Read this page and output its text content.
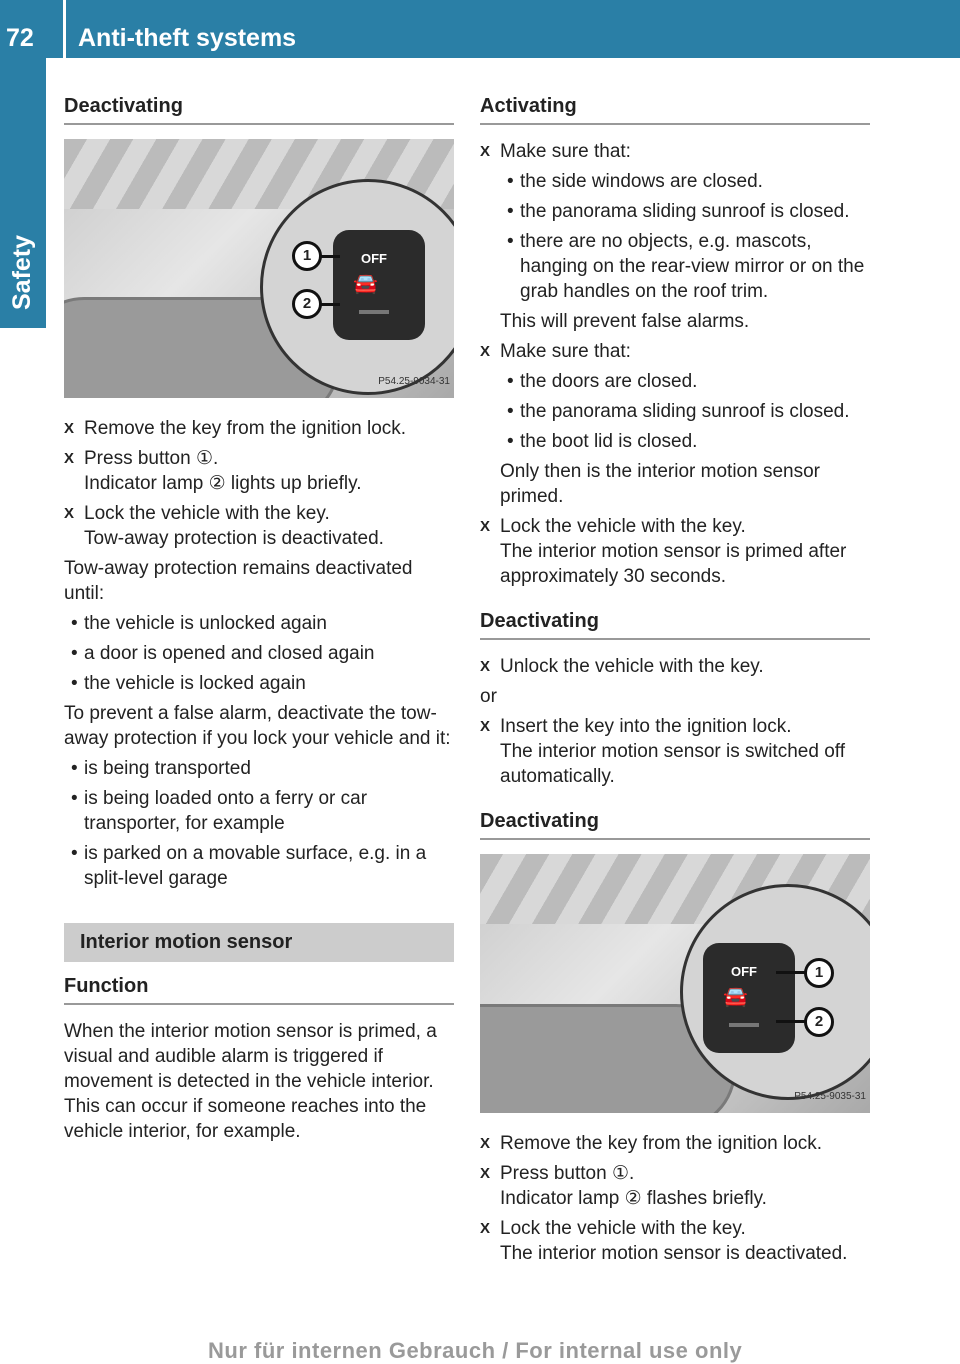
72 Anti-theft systems
Safety
Deactivating
OFF
🚘
1
2
P54.25-9034-31
X Remove the key from the ignition lock.
X Press button ①.
Indicator lamp ② lights up briefly.
X Lock the vehicle with the key.
Tow-away protection is deactivated.
Tow-away protection remains deactivated until:
• the vehicle is unlocked again
• a door is opened and closed again
• the vehicle is locked again
To prevent a false alarm, deactivate the tow-away protection if you lock your vehicle and it:
• is being transported
• is being loaded onto a ferry or car transporter, for example
• is parked on a movable surface, e.g. in a split-level garage
Interior motion sensor
Function
When the interior motion sensor is primed, a visual and audible alarm is triggered if movement is detected in the vehicle interior. This can occur if someone reaches into the vehicle interior, for example.
Activating
X Make sure that:
• the side windows are closed.
• the panorama sliding sunroof is closed.
• there are no objects, e.g. mascots, hanging on the rear-view mirror or on the grab handles on the roof trim.
This will prevent false alarms.
X Make sure that:
• the doors are closed.
• the panorama sliding sunroof is closed.
• the boot lid is closed.
Only then is the interior motion sensor primed.
X Lock the vehicle with the key.
The interior motion sensor is primed after approximately 30 seconds.
Deactivating
X Unlock the vehicle with the key.
or
X Insert the key into the ignition lock.
The interior motion sensor is switched off automatically.
Deactivating
OFF
🚘
1
2
P54.25-9035-31
X Remove the key from the ignition lock.
X Press button ①.
Indicator lamp ② flashes briefly.
X Lock the vehicle with the key.
The interior motion sensor is deactivated.
Nur für internen Gebrauch / For internal use only
